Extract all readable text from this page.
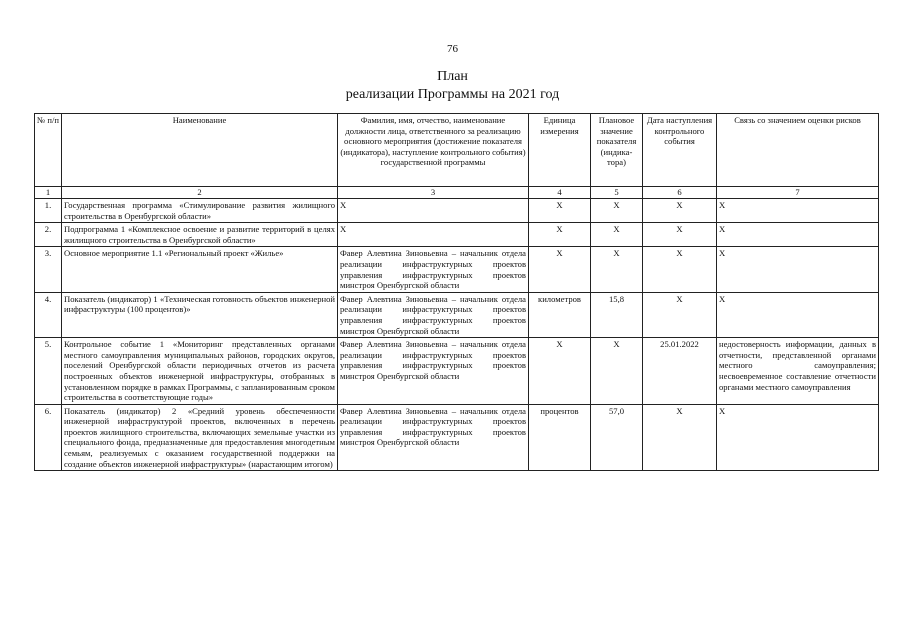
76
План
реализации Программы на 2021 год
№ п/п	Наименование	Фамилия, имя, отчество, наименование должности лица, ответственного за реализацию основного мероприятия (достижение показателя (индикатора), наступление контрольного события) государственной программы	Единица измерения	Плановое значение показателя (индика-тора)	Дата наступления контрольного события	Связь со значением оценки рисков
1	2	3	4	5	6	7
1.	Государственная программа «Стимулирование развития жилищного строительства в Оренбургской области»	Х	Х	Х	Х	Х
2.	Подпрограмма 1 «Комплексное освоение и развитие территорий в целях жилищного строительства в Оренбургской области»	Х	Х	Х	Х	Х
3.	Основное мероприятие 1.1 «Региональный проект «Жилье»	Фавер Алевтина Зиновьевна – начальник отдела реализации инфраструктурных проектов управления инфраструктурных проектов минстроя Оренбургской области	Х	Х	Х	Х
4.	Показатель (индикатор) 1 «Техническая готовность объектов инженерной инфраструктуры (100 процентов)»	Фавер Алевтина Зиновьевна – начальник отдела реализации инфраструктурных проектов управления инфраструктурных проектов минстроя Оренбургской области	километров	15,8	Х	Х
5.	Контрольное событие 1 «Мониторинг представленных органами местного самоуправления муниципальных районов, городских округов, поселений Оренбургской области периодичных отчетов из расчета построенных объектов инженерной инфраструктуры, отобранных в установленном порядке в рамках Программы, с запланированным сроком строительства в соответствующие годы»	Фавер Алевтина Зиновьевна – начальник отдела реализации инфраструктурных проектов управления инфраструктурных проектов минстроя Оренбургской области	Х	Х	25.01.2022	недостоверность информации, данных в отчетности, представленной органами местного самоуправления; несвоевременное составление отчетности органами местного самоуправления
6.	Показатель (индикатор) 2 «Средний уровень обеспеченности инженерной инфраструктурой проектов, включенных в перечень проектов жилищного строительства, включающих земельные участки из специального фонда, предназначенные для предоставления многодетным семьям, реализуемых с оказанием государственной поддержки на создание объектов инженерной инфраструктуры» (нарастающим итогом)	Фавер Алевтина Зиновьевна – начальник отдела реализации инфраструктурных проектов управления инфраструктурных проектов минстроя Оренбургской области	процентов	57,0	Х	Х
